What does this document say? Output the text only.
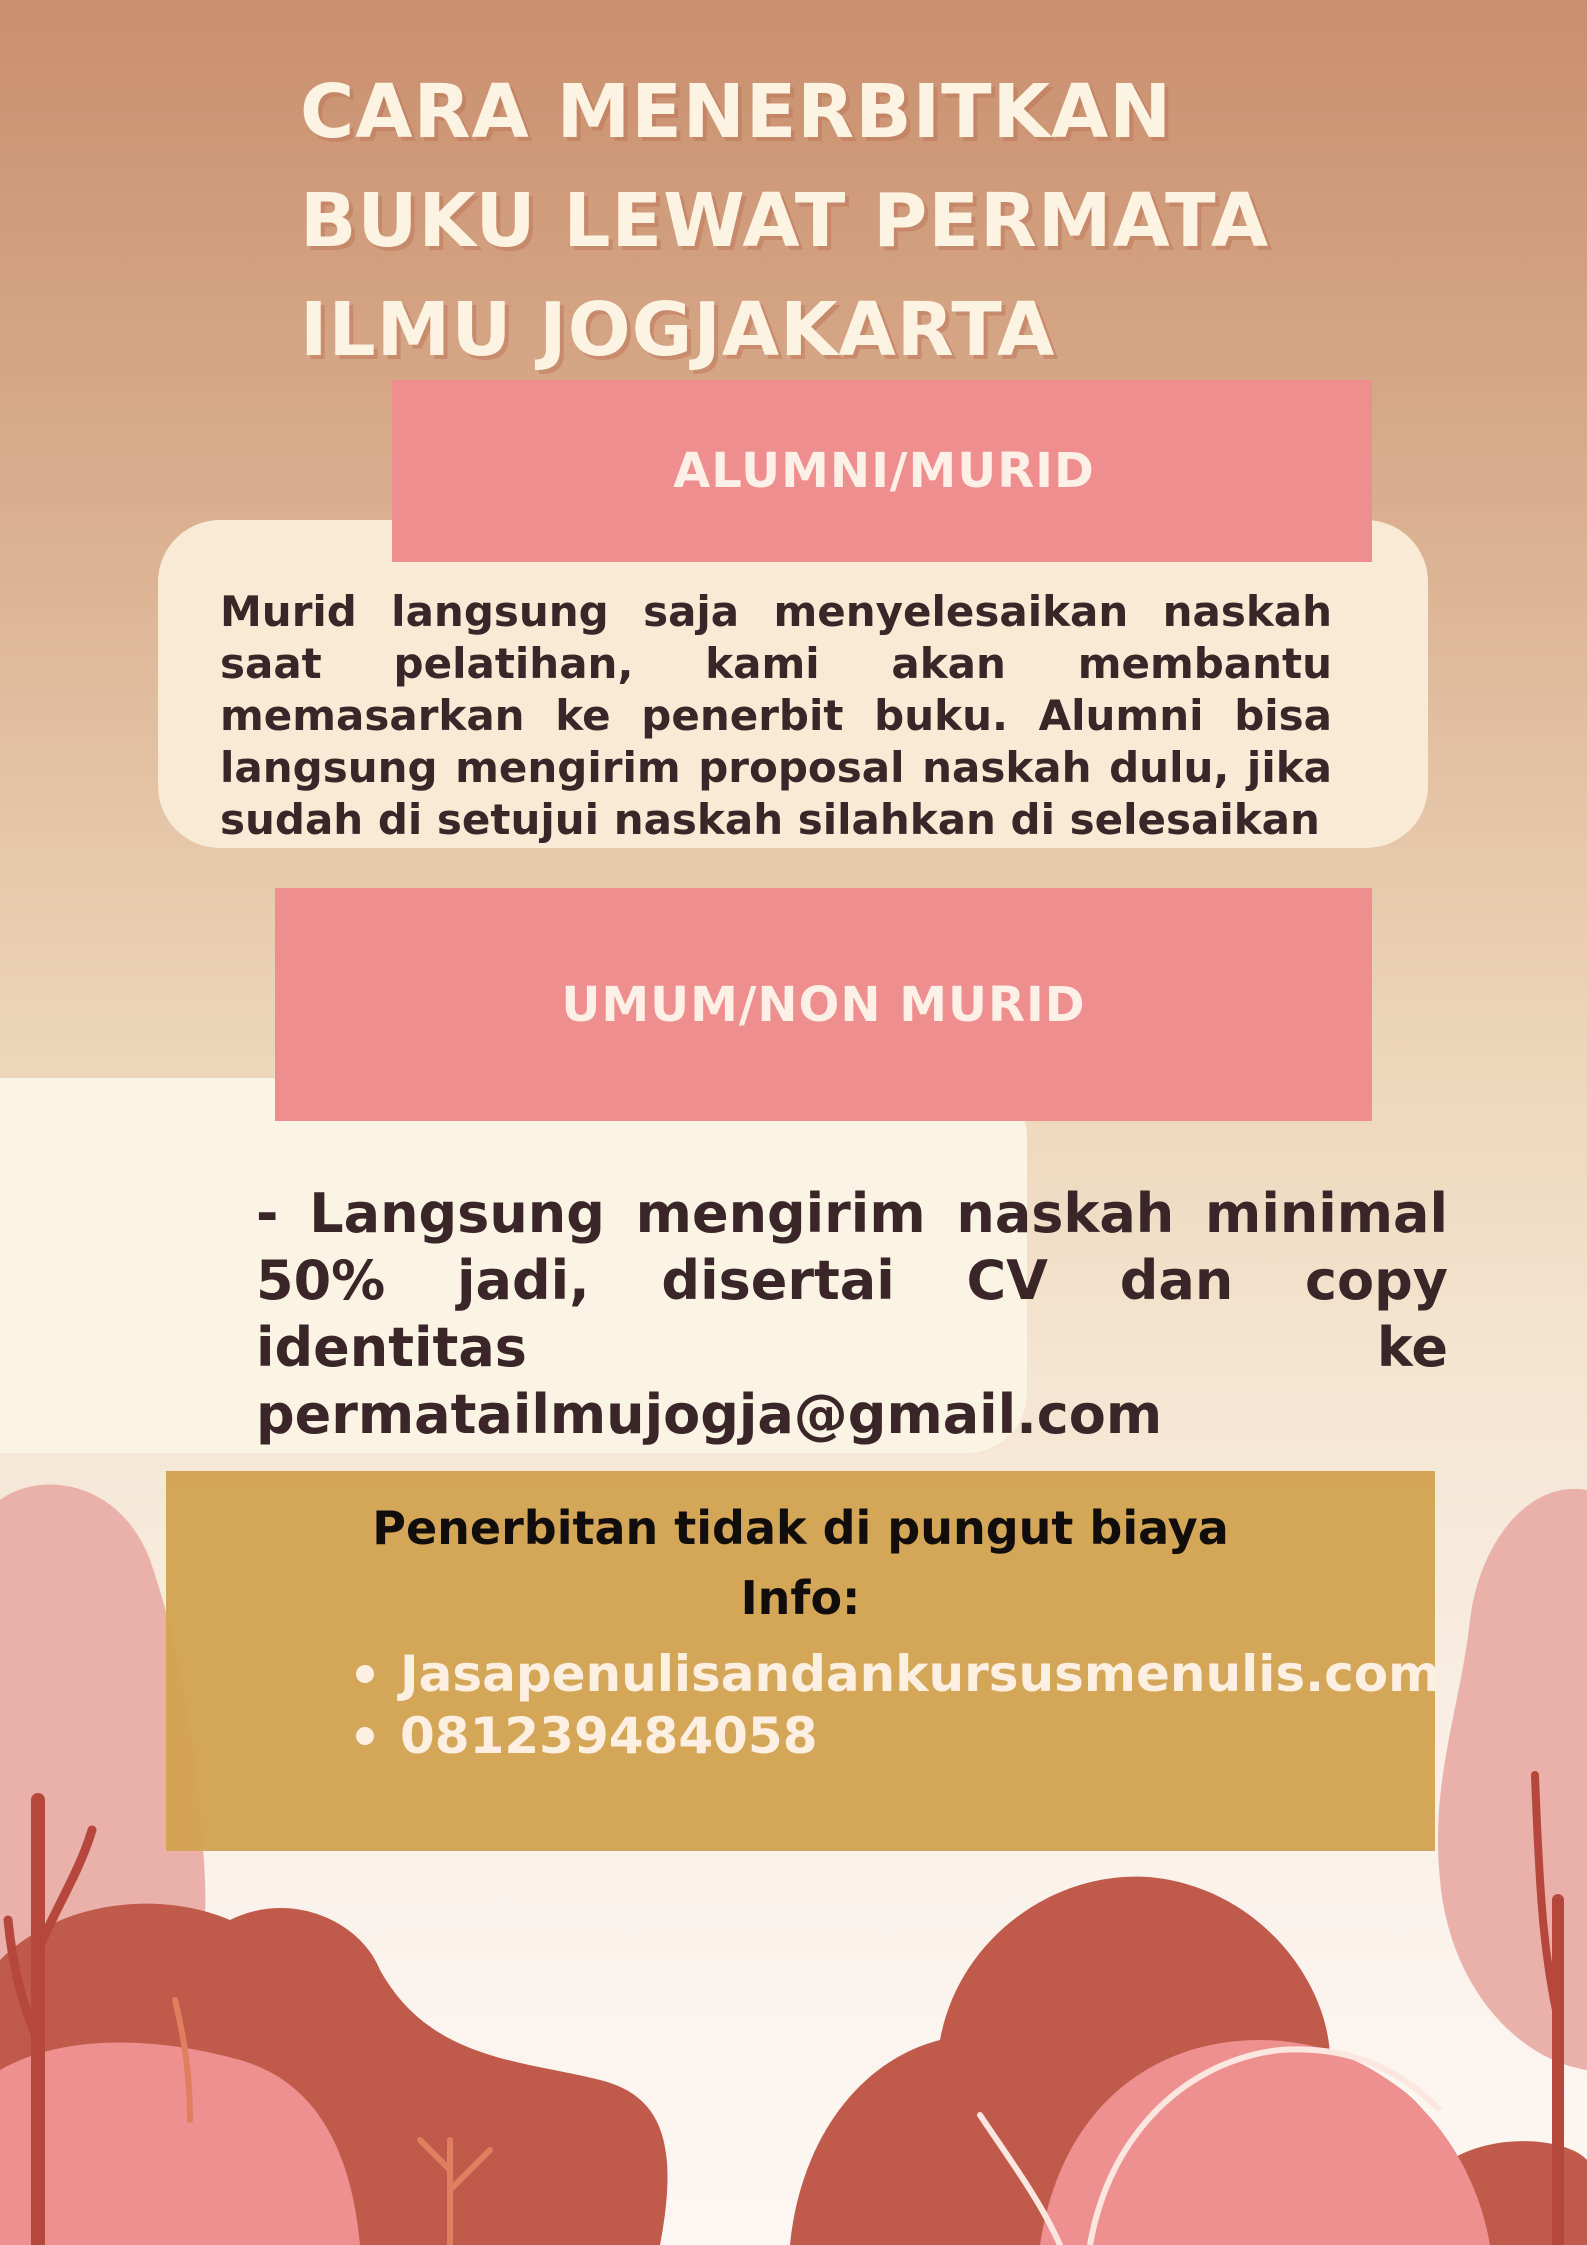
CARA MENERBITKAN
BUKU LEWAT PERMATA
ILMU JOGJAKARTA
ALUMNI/MURID

Murid langsung saja menyelesaikan naskah saat pelatihan, kami akan membantu memasarkan ke penerbit buku. Alumni bisa langsung mengirim proposal naskah dulu, jika sudah di setujui naskah silahkan di selesaikan

UMUM/NON MURID

- Langsung mengirim naskah minimal 50% jadi, disertai CV dan copy identitas ke permatailmujogja@gmail.com

Penerbitan tidak di pungut biaya

Info:

Jasapenulisandankursusmenulis.com
081239484058
